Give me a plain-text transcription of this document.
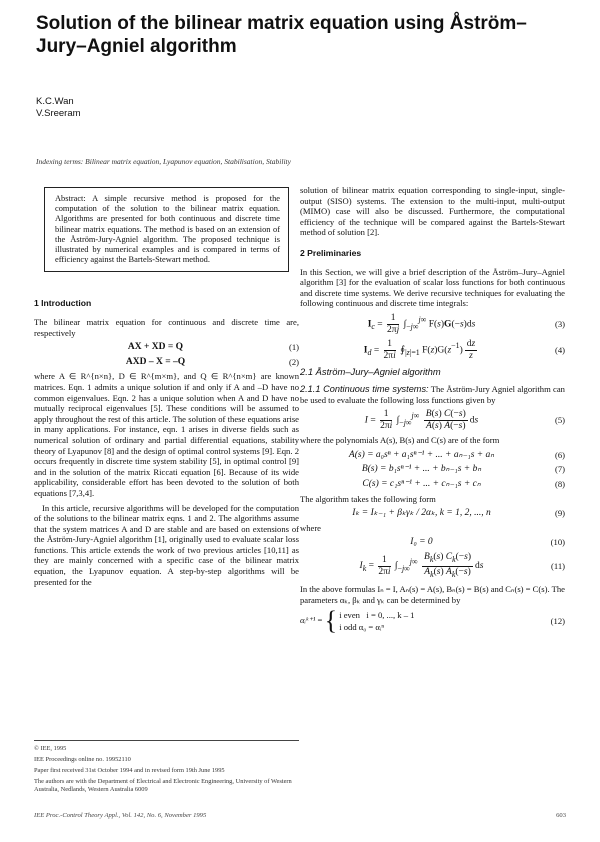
Solution of the bilinear matrix equation using Åström–Jury–Agniel algorithm
K.C.Wan
V.Sreeram
Indexing terms: Bilinear matrix equation, Lyapunov equation, Stabilisation, Stability
Abstract: A simple recursive method is proposed for the computation of the solution to the bilinear matrix equation. Algorithms are presented for both continuous and discrete time bilinear matrix equations. The method is based on an extension of the Åström-Jury-Agniel algorithm. The proposed technique is illustrated by numerical examples and is compared in terms of efficiency against the Bartels-Stewart method.
1 Introduction

The bilinear matrix equation for continuous and discrete time are, respectively

AX + XD = Q	(1)
AXD – X = –Q	(2)

where A ∈ R^{n×n}, D ∈ R^{m×m}, and Q ∈ R^{n×m} are known matrices. Eqn. 1 admits a unique solution if and only if A and –D have no common eigenvalues. Eqn. 2 has a unique solution when A and D have no mutually reciprocal eigenvalues [5]. These conditions will be assumed to apply throughout the rest of this article. The solution of these equations arise in many applications. For instance, eqn. 1 arises in diverse fields such as numerical solution of ordinary and partial differential equations, stability theory of Lyapunov [8] and the design of optimal control systems [9]. Eqn. 2 occurs frequently in discrete time system stability [5], in optimal control [9] and in the solution of the matrix Riccati equation [6]. Because of its wide applicability, considerable effort has been devoted to the solution of both equations [7,3,4].

In this article, recursive algorithms will be developed for the computation of the solutions to the bilinear matrix eqns. 1 and 2. The algorithms assume that the system matrices A and D are stable and are based on extensions of the Åström-Jury-Agniel algorithm [1], originally used to evaluate scalar loss functions. This article extends the work of two previous articles [10,11] as they are mainly concerned with a specific case of the bilinear matrix equation, the Lyapunov equation. A step-by-step algorithms will be presented for the

© IEE, 1995
IEE Proceedings online no. 19952110
Paper first received 31st October 1994 and in revised form 19th June 1995
The authors are with the Department of Electrical and Electronic Engineering, University of Western Australia, Nedlands, Western Australia 6009

solution of bilinear matrix equation corresponding to single-input, single-output (SISO) systems. The extension to the multi-input, multi-output (MIMO) case will also be discussed. Furthermore, the computational efficiency of the technique will be compared against the Bartels-Stewart method of solution [2].

2 Preliminaries

In this Section, we will give a brief description of the Åström–Jury–Agniel algorithm [3] for the evaluation of scalar loss functions for both continuous and discrete time systems. We derive recursive techniques for evaluating the following continuous and discrete time integrals:

$I_c = \frac{1}{2\pi j} \int_{-j\infty}^{j\infty}$ F(s)G(−s)ds	(3)
$I_d = \frac{1}{2\pi i}$ $∮_{|z|=1}$ $F(z)G(z^{-1}) \frac{dz}{z}$	(4)
2.1 Åström–Jury–Agniel algorithm

2.1.1 Continuous time systems: The Åström-Jury Agniel algorithm can be used to evaluate the following loss functions given by

$I = \frac{1}{2\pi i} \int_{-j\infty}^{j\infty} \frac{B(s) C(-s)}{A(s) A(-s)}$ ds	(5)

where the polynomials A(s), B(s) and C(s) are of the form

A(s) = a₀sⁿ + a₁sⁿ⁻¹ + ... + aₙ₋₁s + aₙ	(6)
B(s) = b₁sⁿ⁻¹ + ... + bₙ₋₁s + bₙ	(7)
C(s) = c₁sⁿ⁻¹ + ... + cₙ₋₁s + cₙ	(8)

The algorithm takes the following form

Iₖ = Iₖ₋₁ + βₖγₖ / 2αₖ, k = 1, 2, ..., n	(9)

where

I₀ = 0	(10)
$I_k = \frac{1}{2\pi i} \int_{-j\infty}^{j\infty} \frac{B_k(s) C_k(-s)}{A_k(s) A_k(-s)}$ ds	(11)

In the above formulas Iₙ = I, Aₙ(s) = A(s), Bₙ(s) = B(s) and Cₙ(s) = C(s). The parameters αₖ, βₖ and γₖ can be determined by

αᵢᵏ⁺¹ = { i even i = 0, ..., k – 1
i odd α₀ = αᵢⁿ
(12)
IEE Proc.-Control Theory Appl., Vol. 142, No. 6, November 1995	603
